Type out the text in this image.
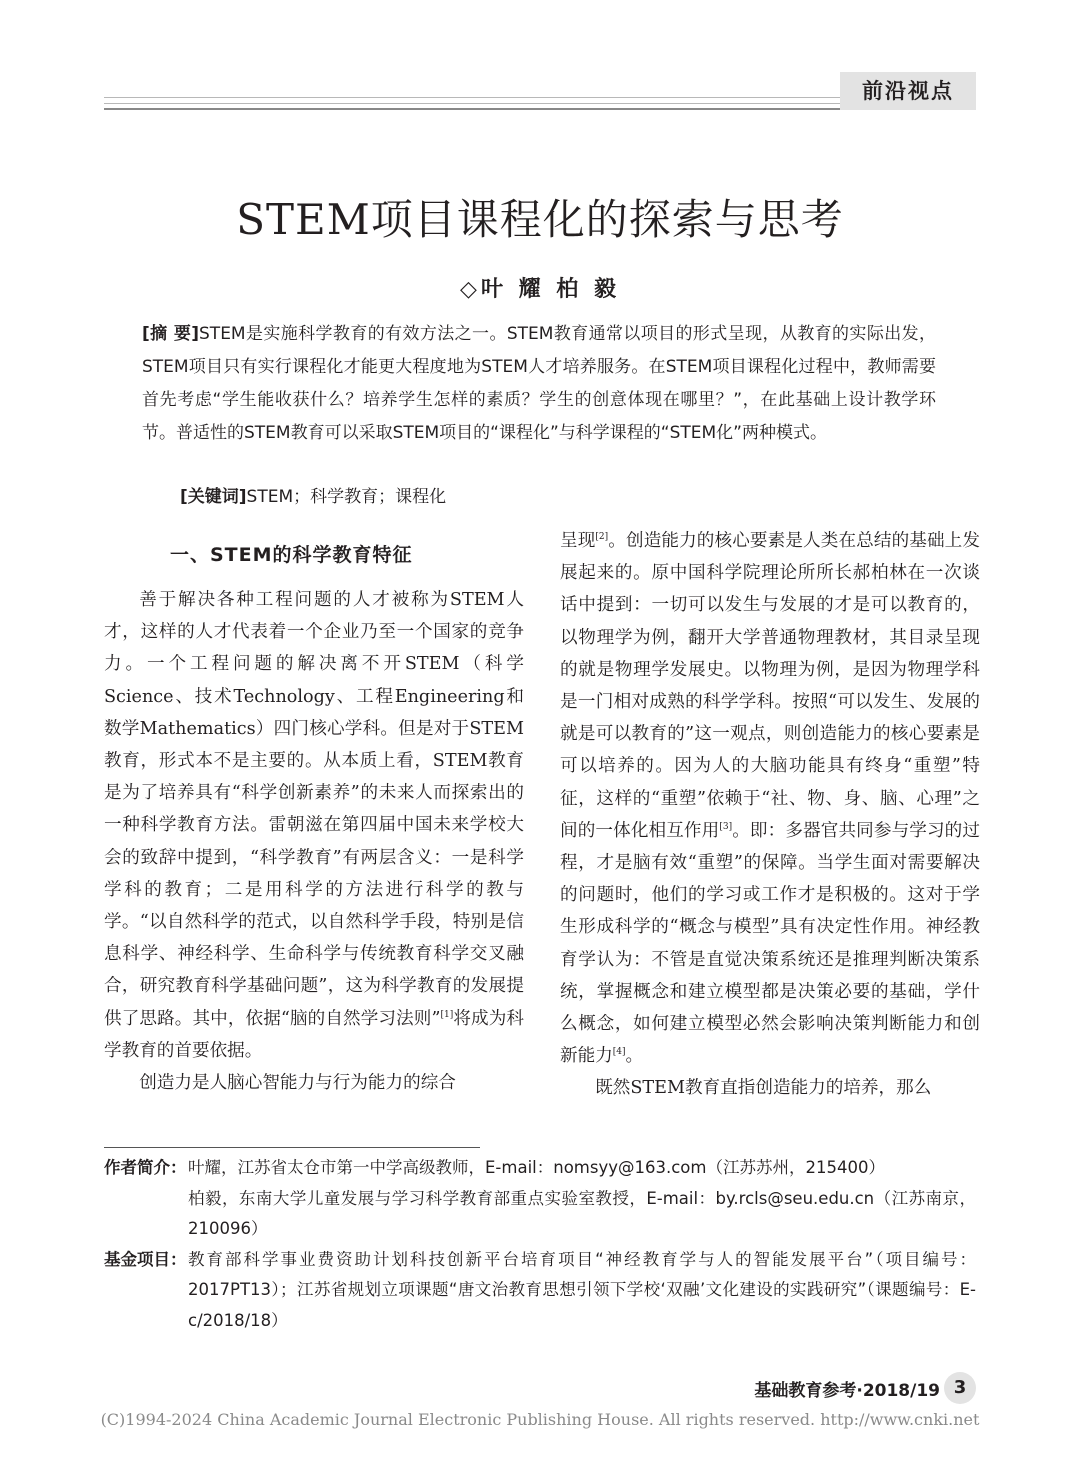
前沿视点
STEM项目课程化的探索与思考
◇叶 耀 柏 毅
[摘 要]STEM是实施科学教育的有效方法之一。STEM教育通常以项目的形式呈现，从教育的实际出发，STEM项目只有实行课程化才能更大程度地为STEM人才培养服务。在STEM项目课程化过程中，教师需要首先考虑“学生能收获什么？培养学生怎样的素质？学生的创意体现在哪里？”，在此基础上设计教学环节。普适性的STEM教育可以采取STEM项目的“课程化”与科学课程的“STEM化”两种模式。
[关键词]STEM；科学教育；课程化
一、STEM的科学教育特征

善于解决各种工程问题的人才被称为STEM人才，这样的人才代表着一个企业乃至一个国家的竞争力。一个工程问题的解决离不开STEM（科学Science、技术Technology、工程Engineering和数学Mathematics）四门核心学科。但是对于STEM教育，形式本不是主要的。从本质上看，STEM教育是为了培养具有“科学创新素养”的未来人而探索出的一种科学教育方法。雷朝滋在第四届中国未来学校大会的致辞中提到，“科学教育”有两层含义：一是科学学科的教育；二是用科学的方法进行科学的教与学。“以自然科学的范式，以自然科学手段，特别是信息科学、神经科学、生命科学与传统教育科学交叉融合，研究教育科学基础问题”，这为科学教育的发展提供了思路。其中，依据“脑的自然学习法则”[1]将成为科学教育的首要依据。

创造力是人脑心智能力与行为能力的综合

呈现[2]。创造能力的核心要素是人类在总结的基础上发展起来的。原中国科学院理论所所长郝柏林在一次谈话中提到：一切可以发生与发展的才是可以教育的，以物理学为例，翻开大学普通物理教材，其目录呈现的就是物理学发展史。以物理为例，是因为物理学科是一门相对成熟的科学学科。按照“可以发生、发展的就是可以教育的”这一观点，则创造能力的核心要素是可以培养的。因为人的大脑功能具有终身“重塑”特征，这样的“重塑”依赖于“社、物、身、脑、心理”之间的一体化相互作用[3]。即：多器官共同参与学习的过程，才是脑有效“重塑”的保障。当学生面对需要解决的问题时，他们的学习或工作才是积极的。这对于学生形成科学的“概念与模型”具有决定性作用。神经教育学认为：不管是直觉决策系统还是推理判断决策系统，掌握概念和建立模型都是决策必要的基础，学什么概念，如何建立模型必然会影响决策判断能力和创新能力[4]。

既然STEM教育直指创造能力的培养，那么

作者简介： 叶耀，江苏省太仓市第一中学高级教师，E-mail：nomsyy@163.com（江苏苏州，215400）
柏毅，东南大学儿童发展与学习科学教育部重点实验室教授，E-mail：by.rcls@seu.edu.cn（江苏南京，210096）
基金项目： 教育部科学事业费资助计划科技创新平台培育项目“神经教育学与人的智能发展平台”（项目编号：2017PT13）；江苏省规划立项课题“唐文治教育思想引领下学校‘双融’文化建设的实践研究”（课题编号：E-c/2018/18）
基础教育参考·2018/19 3
(C)1994-2024 China Academic Journal Electronic Publishing House. All rights reserved. http://www.cnki.net
